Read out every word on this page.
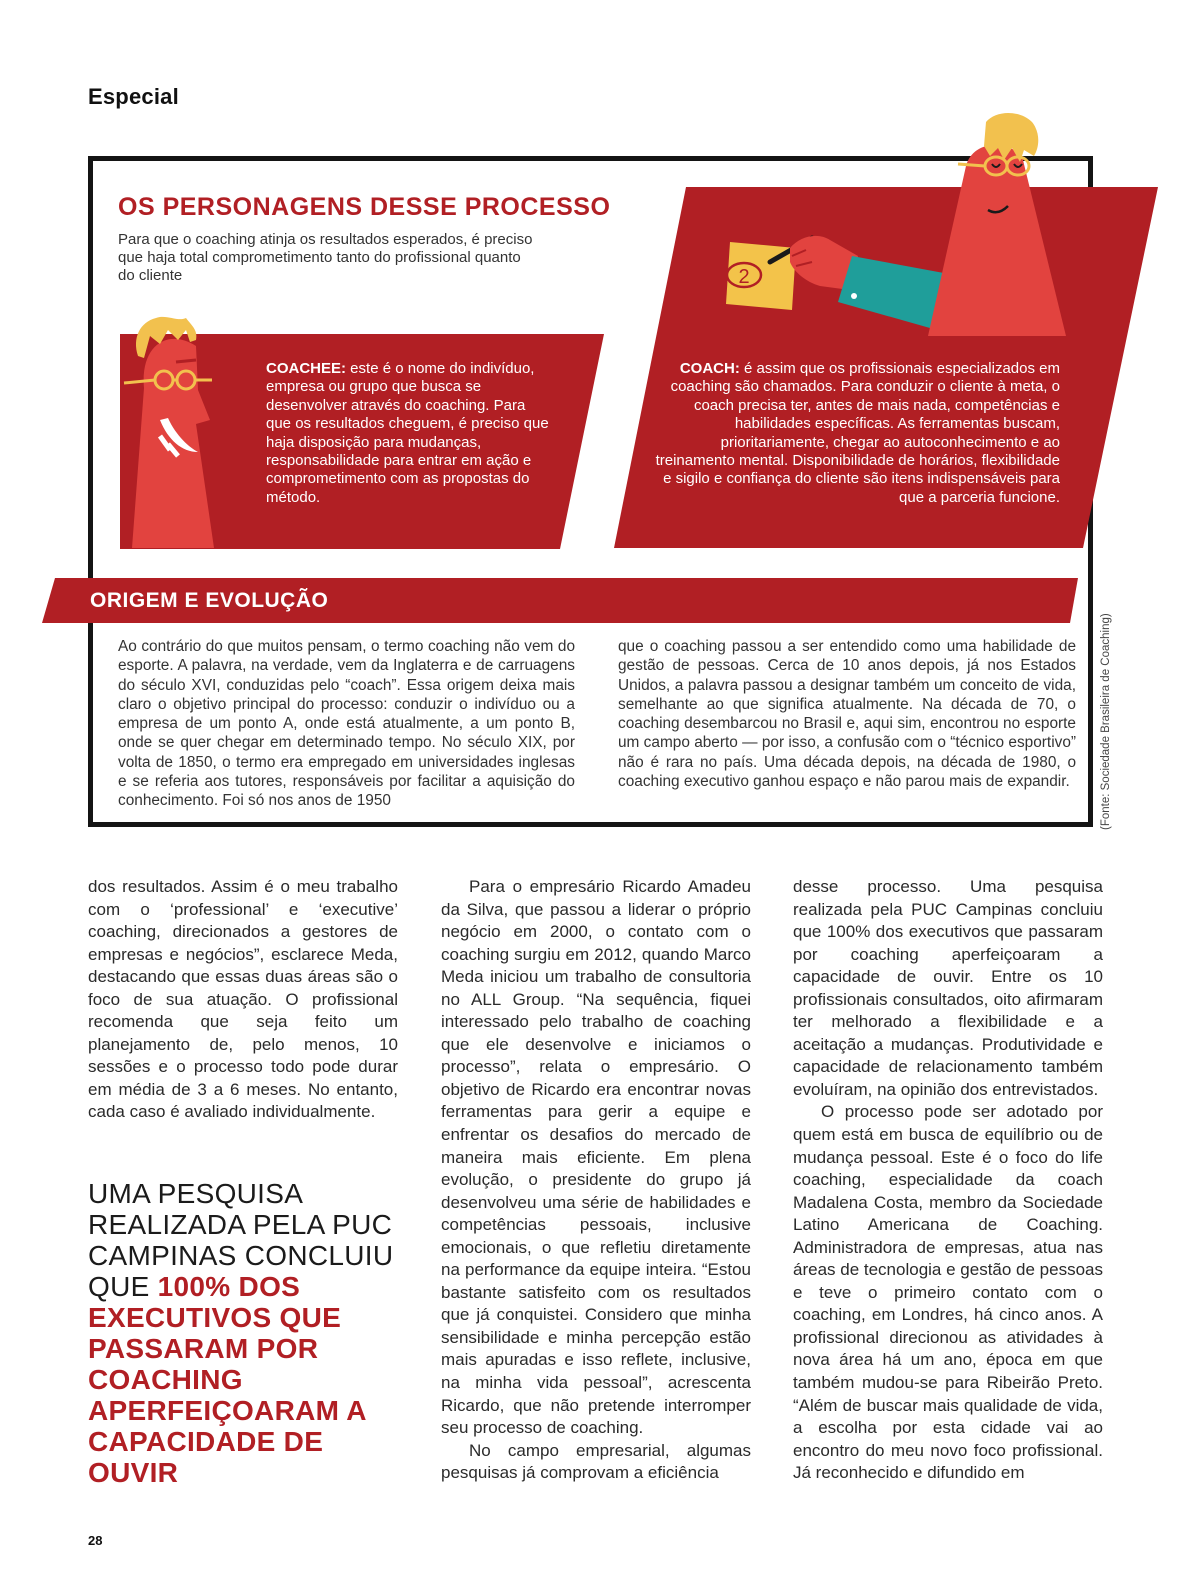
Especial
2
OS PERSONAGENS DESSE PROCESSO
Para que o coaching atinja os resultados esperados, é preciso que haja total comprometimento tanto do profissional quanto do cliente
COACHEE: este é o nome do indivíduo, empresa ou grupo que busca se desenvolver através do coaching. Para que os resultados cheguem, é preciso que haja disposição para mudanças, responsabilidade para entrar em ação e comprometimento com as propostas do método.
COACH: é assim que os profissionais especializados em coaching são chamados. Para conduzir o cliente à meta, o coach precisa ter, antes de mais nada, competências e habilidades específicas. As ferramentas buscam, prioritariamente, chegar ao autoconhecimento e ao treinamento mental. Disponibilidade de horários, flexibilidade e sigilo e confiança do cliente são itens indispensáveis para que a parceria funcione.
ORIGEM E EVOLUÇÃO
Ao contrário do que muitos pensam, o termo coaching não vem do esporte. A palavra, na verdade, vem da Inglaterra e de carruagens do século XVI, conduzidas pelo “coach”. Essa origem deixa mais claro o objetivo principal do processo: conduzir o indivíduo ou a empresa de um ponto A, onde está atualmente, a um ponto B, onde se quer chegar em determinado tempo. No século XIX, por volta de 1850, o termo era empregado em universidades inglesas e se referia aos tutores, responsáveis por facilitar a aquisição do conhecimento. Foi só nos anos de 1950
que o coaching passou a ser entendido como uma habilidade de gestão de pessoas. Cerca de 10 anos depois, já nos Estados Unidos, a palavra passou a designar também um conceito de vida, semelhante ao que significa atualmente. Na década de 70, o coaching desembarcou no Brasil e, aqui sim, encontrou no esporte um campo aberto — por isso, a confusão com o “técnico esportivo” não é rara no país. Uma década depois, na década de 1980, o coaching executivo ganhou espaço e não parou mais de expandir.	(Fonte: Sociedade Brasileira de Coaching)

dos resultados. Assim é o meu trabalho com o ‘professional’ e ‘executive’ coaching, direcionados a gestores de empresas e negócios”, esclarece Meda, destacando que essas duas áreas são o foco de sua atuação. O profissional recomenda que seja feito um planejamento de, pelo menos, 10 sessões e o processo todo pode durar em média de 3 a 6 meses. No entanto, cada caso é avaliado individualmente.

Para o empresário Ricardo Amadeu da Silva, que passou a liderar o próprio negócio em 2000, o contato com o coaching surgiu em 2012, quando Marco Meda iniciou um trabalho de consultoria no ALL Group. “Na sequência, fiquei interessado pelo trabalho de coaching que ele desenvolve e iniciamos o processo”, relata o empresário. O objetivo de Ricardo era encontrar novas ferramentas para gerir a equipe e enfrentar os desafios do mercado de maneira mais eficiente. Em plena evolução, o presidente do grupo já desenvolveu uma série de habilidades e competências pessoais, inclusive emocionais, o que refletiu diretamente na performance da equipe inteira. “Estou bastante satisfeito com os resultados que já conquistei. Considero que minha sensibilidade e minha percepção estão mais apuradas e isso reflete, inclusive, na minha vida pessoal”, acrescenta Ricardo, que não pretende interromper seu processo de coaching.

No campo empresarial, algumas pesquisas já comprovam a eficiência

desse processo. Uma pesquisa realizada pela PUC Campinas concluiu que 100% dos executivos que passaram por coaching aperfeiçoaram a capacidade de ouvir. Entre os 10 profissionais consultados, oito afirmaram ter melhorado a flexibilidade e a aceitação a mudanças. Produtividade e capacidade de relacionamento também evoluíram, na opinião dos entrevistados.

O processo pode ser adotado por quem está em busca de equilíbrio ou de mudança pessoal. Este é o foco do life coaching, especialidade da coach Madalena Costa, membro da Sociedade Latino Americana de Coaching. Administradora de empresas, atua nas áreas de tecnologia e gestão de pessoas e teve o primeiro contato com o coaching, em Londres, há cinco anos. A profissional direcionou as atividades à nova área há um ano, época em que também mudou-se para Ribeirão Preto. “Além de buscar mais qualidade de vida, a escolha por esta cidade vai ao encontro do meu novo foco profissional. Já reconhecido e difundido em

UMA PESQUISA REALIZADA PELA PUC CAMPINAS CONCLUIU QUE 100% DOS EXECUTIVOS QUE PASSARAM POR COACHING APERFEIÇOARAM A CAPACIDADE DE OUVIR
28
